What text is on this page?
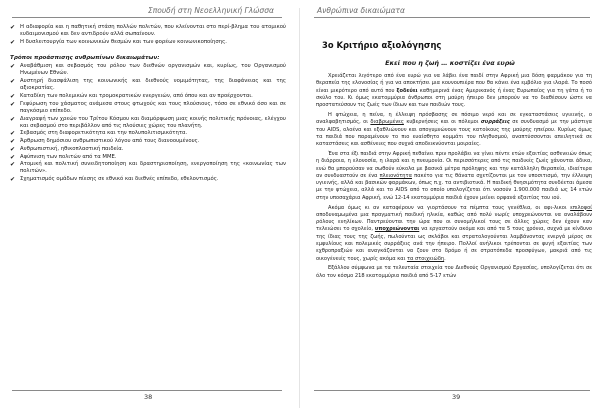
Σπουδή στη Νεοελληνική Γλώσσα
✔ Η αδιαφορία και η παθητική στάση πολλών πολιτών, που κλείνονται στο περί-βλημα του ατομικού ευδαιμονισμού και δεν αντιδρούν αλλά σωπαίνουν.
✔ Η δυσλειτουργία των κοινωνικών θεσμών και των φορέων κοινωνικοποίησης.
Τρόποι προάσπισης ανθρωπίνων δικαιωμάτων:
✔ Αναβάθμιση και σεβασμός του ρόλου των διεθνών οργανισμών και, κυρίως, του Οργανισμού Ηνωμένων Εθνών.
✔ Αυστηρή διασφάλιση της κοινωνικής και διεθνούς νομιμότητας, της διαφάνειας και της αξιοκρατίας.
✔ Καταδίκη των πολεμικών και τρομοκρατικών ενεργειών, από όπου και αν προέρχονται.
✔ Γεφύρωση του χάσματος ανάμεσα στους φτωχούς και τους πλούσιους, τόσο σε εθνικό όσο και σε παγκόσμιο επίπεδο.
✔ Διαγραφή των χρεών του Τρίτου Κόσμου και διαμόρφωση μιας κοινής πολιτικής πρόνοιας, ελέγχου και σεβασμού στο περιβάλλον από τις πλούσιες χώρες του πλανήτη.
✔ Σεβασμός στη διαφορετικότητα και την πολυπολιτισμικότητα.
✔ Άρθρωση δημόσιου ανθρωπιστικού λόγου από τους διανοουμένους.
✔ Ανθρωπιστική, ηθικοπλαστική παιδεία.
✔ Αφύπνιση των πολιτών από τα ΜΜΕ.
✔ Ατομική και πολιτική συνειδητοποίηση και δραστηριοποίηση, ενεργοποίηση της «κοινωνίας των πολιτών».
✔ Σχηματισμός ομάδων πίεσης σε εθνικό και διεθνές επίπεδο, εθελοντισμός.
38
Ανθρώπινα δικαιώματα
3ο Κριτήριο αξιολόγησης
Εκεί που η ζωή … κοστίζει ένα ευρώ

Χρειάζεται λιγότερο από ένα ευρώ για να λάβει ένα παιδί στην Αφρική μια δόση φαρμάκου για τη θεραπεία της ελονοσίας ή για να αποκτήσει μια κουνουπιέρα που θα κάνει ένα εμβόλιο για ιλαρά. Το ποσό είναι μικρότερο από αυτό που ξοδεύει καθημερινά ένας Αμερικανός ή ένας Ευρωπαίος για τη γάτα ή το σκύλο του. Κι όμως εκατομμύρια άνθρωποι στη μαύρη ήπειρο δεν μπορούν να το διαθέσουν ώστε να προστατεύσουν τις ζωές των ίδιων και των παιδιών τους.

Η φτώχεια, η πείνα, η έλλειψη πρόσβασης σε πόσιμο νερό και σε εγκαταστάσεις υγιεινής, ο αναλφαβητισμός, οι διαβρωμένες κυβερνήσεις και οι πόλεμοι συρράξεις σε συνδυασμό με την μάστιγα του AIDS, ολοένα και εξαθλιώνουν και απογυμνώνουν τους κατοίκους της μαύρης ηπείρου. Κυρίως όμως τα παιδιά που παραμένουν το πιο ευαίσθητο κομμάτι του πληθυσμού, αναπτύσσονται απειλητικά σε καταστάσεις και ασθένειες που συχνά αποδεικνύονται μοιραίες.

Ένα στα έξι παιδιά στην Αφρική πεθαίνει πριν προλάβει να γίνει πέντε ετών εξαιτίας ασθενειών όπως η διάρροια, η ελονοσία, η ιλαρά και η πνευμονία. Οι περισσότερες από τις παιδικές ζωές χάνονται άδικα, ενώ θα μπορούσαν να σωθούν εύκολα με βασικά μέτρα πρόληψης και την κατάλληλη θεραπεία, ιδιαίτερα αν συνδυαστούν σε ένα πλειονότητα πακέτο για τις θάνατα σχετίζονται με τον υποσιτισμό, την έλλειψη υγιεινής, αλλά και βασικών φαρμάκων, όπως π.χ. τα αντιβιοτικά. Η παιδική θνησιμότητα συνδέεται άμεσα με την φτώχεια, αλλά και το AIDS από το οποίο υπολογίζεται ότι νοσούν 1.900.000 παιδιά ως 14 ετών στην υποσαχάρια Αφρική, ενώ 12-14 εκατομμύρια παιδιά έχουν μείνει ορφανά εξαιτίας του ιού.

Ακόμα όμως κι αν καταφέρουν να γιορτάσουν τα πέμπτα τους γενέθλια, οι αφι-λικοι επιλοφοί αποδυναμωμένα μια πραγματική παιδική ηλικία, καθώς από πολύ νωρίς υποχρεώνονται να αναλάβουν ρόλους ενηλίκων. Παντρεύονται την ώρα που οι συνομήλικοί τους σε άλλες χώρες δεν έχουν καν τελειώσει το σχολείο, υποχρεώνονται να εργαστούν ακόμα και από τα 5 τους χρόνια, συχνά με κίνδυνο της ίδιας τους της ζωής, πωλούνται ως σκλάβοι και στρατολογούνται λαμβάνοντας ενεργά μέρος σε εμφυλίους και πολεμικές συρράξεις ανά την ήπειρο. Πολλοί ανήλικοι τρέπονται σε φυγή εξαιτίας των εχθροπραξιών και αναγκάζονται να ζουν στο δρόμο ή σε στρατόπεδα προσφύγων, μακριά από τις οικογένειές τους, χωρίς ακόμα και τα στοιχειώδη.

Εξάλλου σύμφωνα με τα τελευταία στοιχεία του Διεθνούς Οργανισμού Εργασίας, υπολογίζεται ότι σε όλο τον κόσμο 218 εκατομμύρια παιδιά από 5-17 ετών

39
